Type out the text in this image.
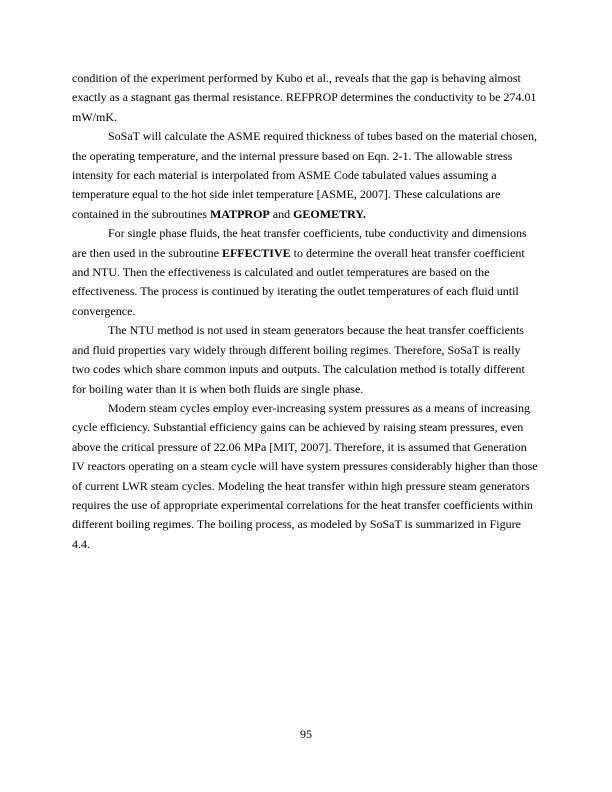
condition of the experiment performed by Kubo et al., reveals that the gap is behaving almost exactly as a stagnant gas thermal resistance. REFPROP determines the conductivity to be 274.01 mW/mK.

SoSaT will calculate the ASME required thickness of tubes based on the material chosen, the operating temperature, and the internal pressure based on Eqn. 2-1. The allowable stress intensity for each material is interpolated from ASME Code tabulated values assuming a temperature equal to the hot side inlet temperature [ASME, 2007]. These calculations are contained in the subroutines MATPROP and GEOMETRY.

For single phase fluids, the heat transfer coefficients, tube conductivity and dimensions are then used in the subroutine EFFECTIVE to determine the overall heat transfer coefficient and NTU. Then the effectiveness is calculated and outlet temperatures are based on the effectiveness. The process is continued by iterating the outlet temperatures of each fluid until convergence.

The NTU method is not used in steam generators because the heat transfer coefficients and fluid properties vary widely through different boiling regimes. Therefore, SoSaT is really two codes which share common inputs and outputs. The calculation method is totally different for boiling water than it is when both fluids are single phase.

Modern steam cycles employ ever-increasing system pressures as a means of increasing cycle efficiency. Substantial efficiency gains can be achieved by raising steam pressures, even above the critical pressure of 22.06 MPa [MIT, 2007]. Therefore, it is assumed that Generation IV reactors operating on a steam cycle will have system pressures considerably higher than those of current LWR steam cycles. Modeling the heat transfer within high pressure steam generators requires the use of appropriate experimental correlations for the heat transfer coefficients within different boiling regimes. The boiling process, as modeled by SoSaT is summarized in Figure 4.4.

95
